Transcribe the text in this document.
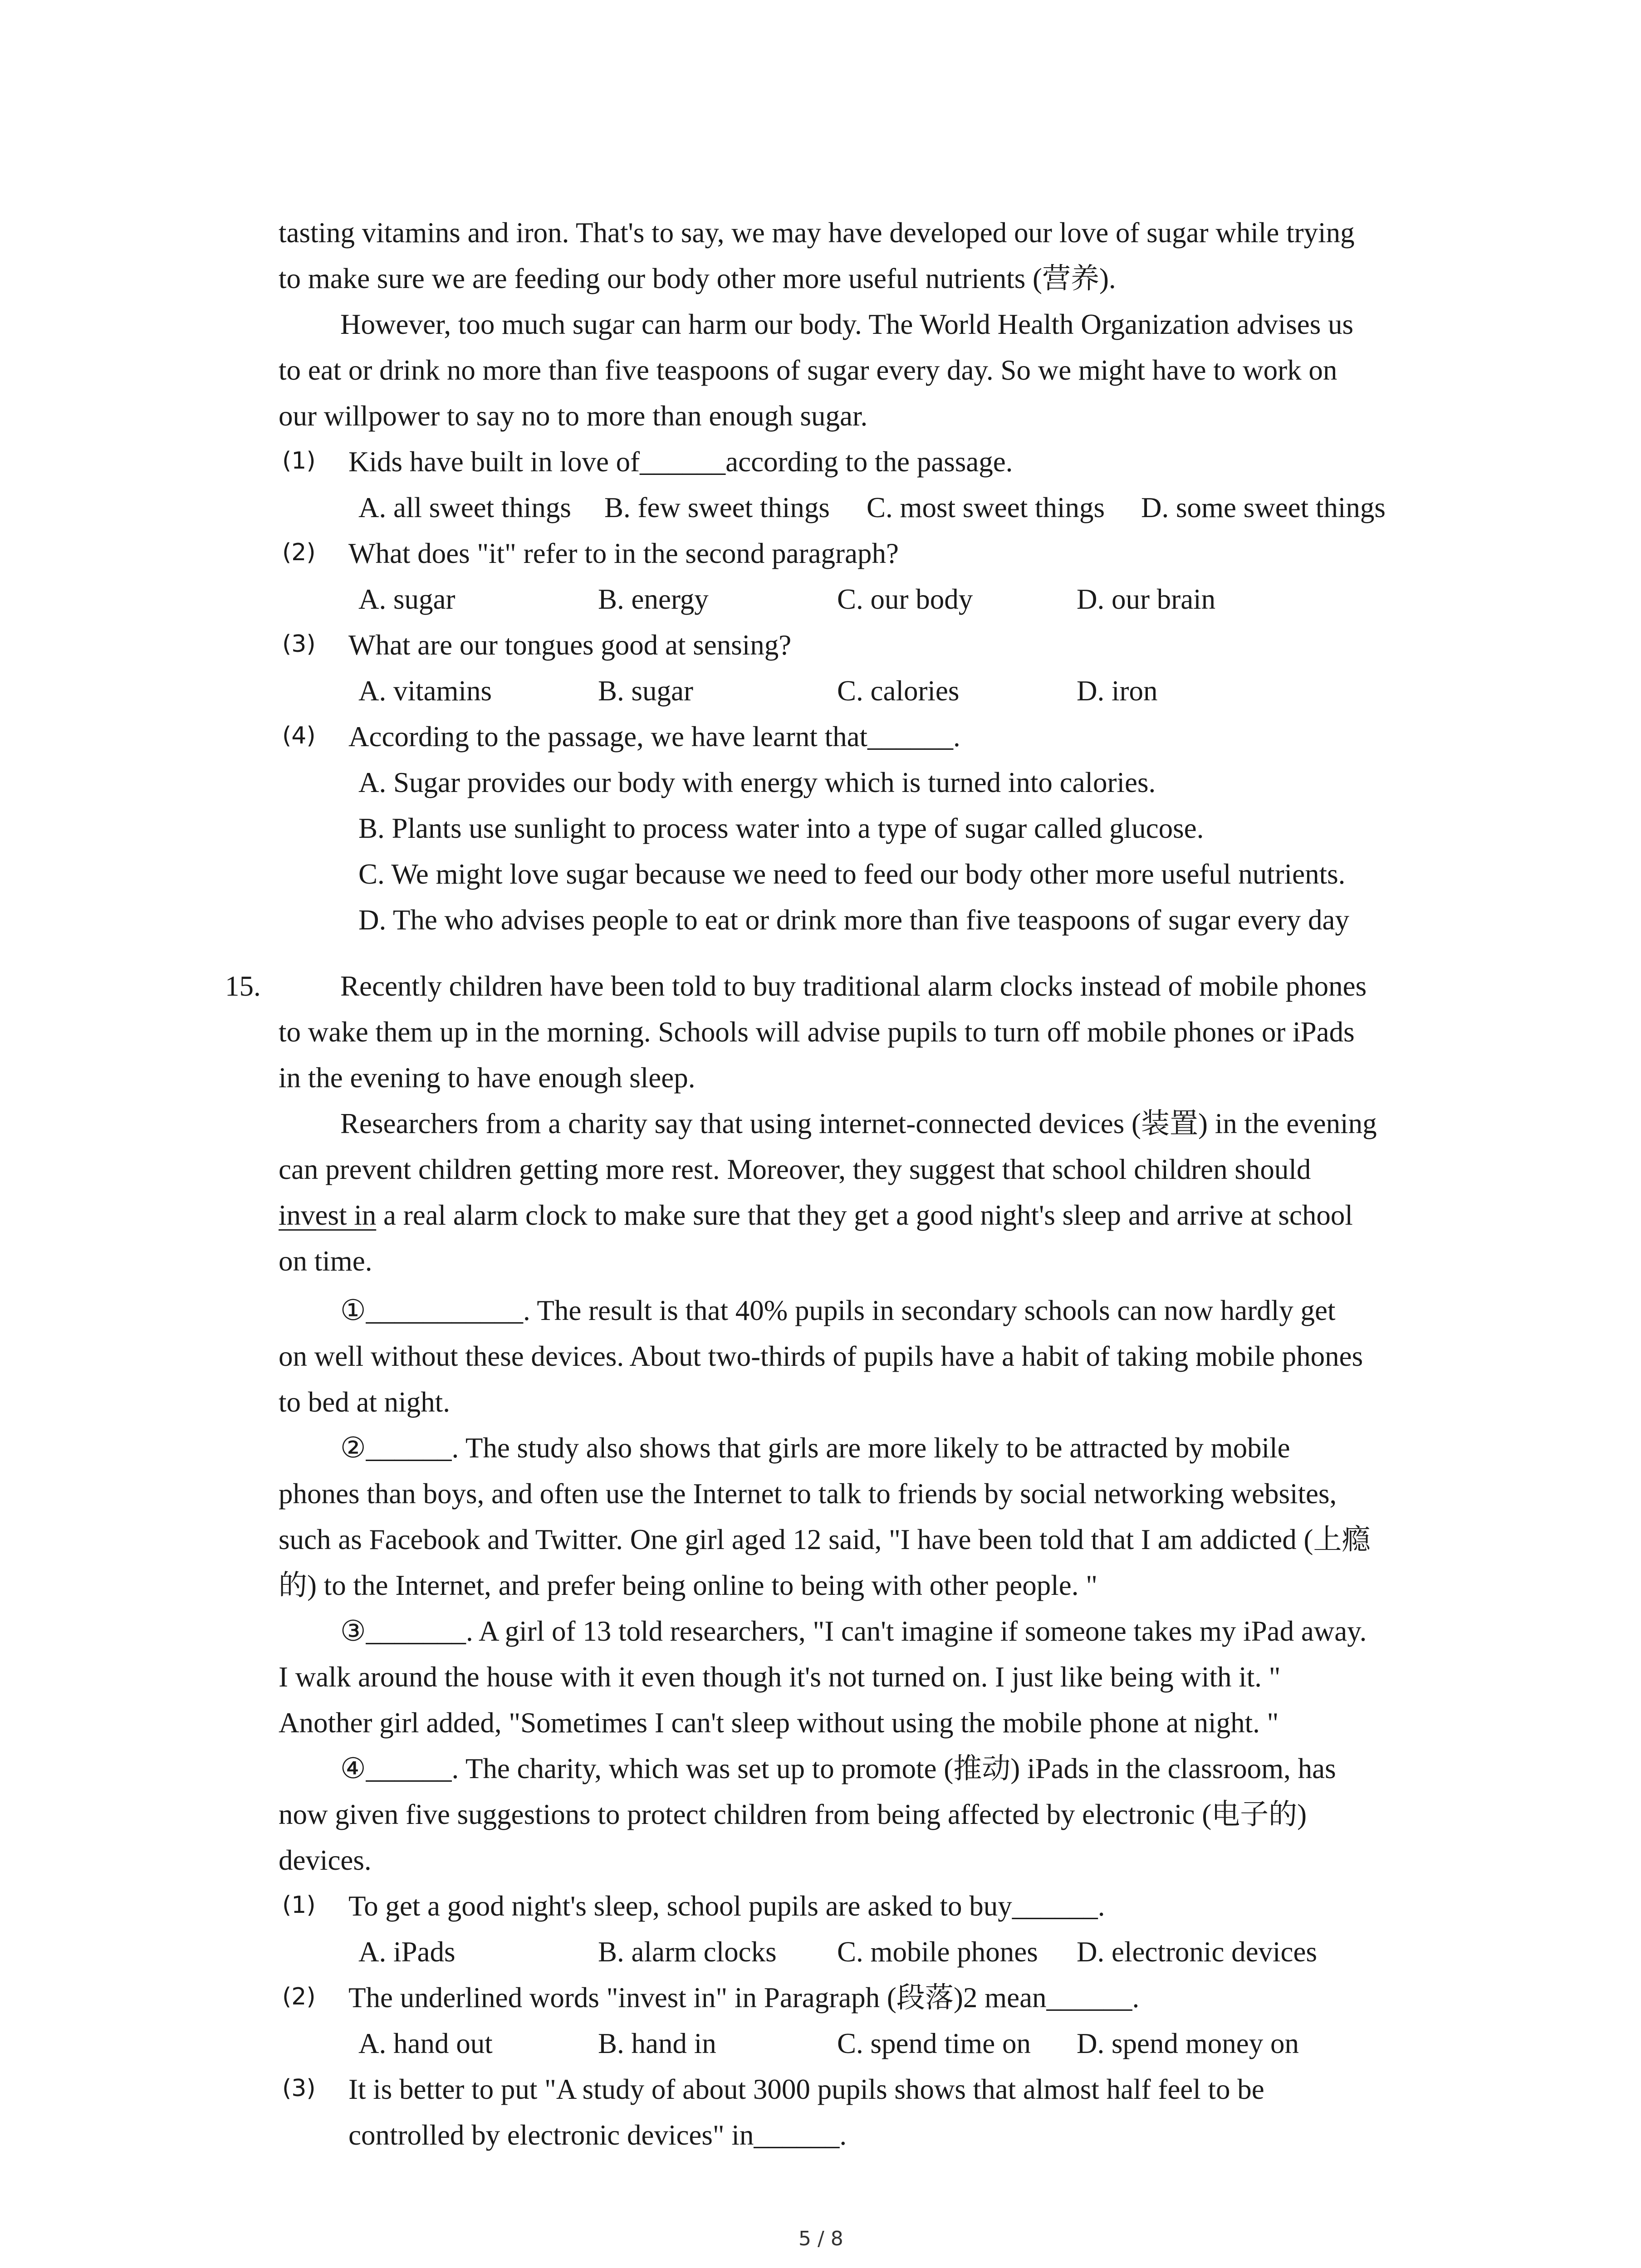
tasting vitamins and iron. That's to say, we may have developed our love of sugar while trying
to make sure we are feeding our body other more useful nutrients (营养).
However, too much sugar can harm our body. The World Health Organization advises us
to eat or drink no more than five teaspoons of sugar every day. So we might have to work on
our willpower to say no to more than enough sugar.
(1) Kids have built in love of______according to the passage.
A. all sweet things B. few sweet things C. most sweet things D. some sweet things
(2) What does "it" refer to in the second paragraph?
A. sugar	B. energy	C. our body	D. our brain
(3) What are our tongues good at sensing?
A. vitamins	B. sugar	C. calories	D. iron
(4) According to the passage, we have learnt that______.
A. Sugar provides our body with energy which is turned into calories.
B. Plants use sunlight to process water into a type of sugar called glucose.
C. We might love sugar because we need to feed our body other more useful nutrients.
D. The who advises people to eat or drink more than five teaspoons of sugar every day
15.	Recently children have been told to buy traditional alarm clocks instead of mobile phones
to wake them up in the morning. Schools will advise pupils to turn off mobile phones or iPads
in the evening to have enough sleep.
Researchers from a charity say that using internet-connected devices (装置) in the evening
can prevent children getting more rest. Moreover, they suggest that school children should
invest in a real alarm clock to make sure that they get a good night's sleep and arrive at school
on time.
①___________. The result is that 40% pupils in secondary schools can now hardly get
on well without these devices. About two-thirds of pupils have a habit of taking mobile phones
to bed at night.
②______. The study also shows that girls are more likely to be attracted by mobile
phones than boys, and often use the Internet to talk to friends by social networking websites,
such as Facebook and Twitter. One girl aged 12 said, "I have been told that I am addicted (上瘾
的) to the Internet, and prefer being online to being with other people. "
③_______. A girl of 13 told researchers, "I can't imagine if someone takes my iPad away.
I walk around the house with it even though it's not turned on. I just like being with it. "
Another girl added, "Sometimes I can't sleep without using the mobile phone at night. "
④______. The charity, which was set up to promote (推动) iPads in the classroom, has
now given five suggestions to protect children from being affected by electronic (电子的)
devices.
(1) To get a good night's sleep, school pupils are asked to buy______.
A. iPads	B. alarm clocks C. mobile phones D. electronic devices
(2) The underlined words "invest in" in Paragraph (段落)2 mean______.
A. hand out	B. hand in	C. spend time on D. spend money on
(3) It is better to put "A study of about 3000 pupils shows that almost half feel to be
controlled by electronic devices" in______.
5 / 8
